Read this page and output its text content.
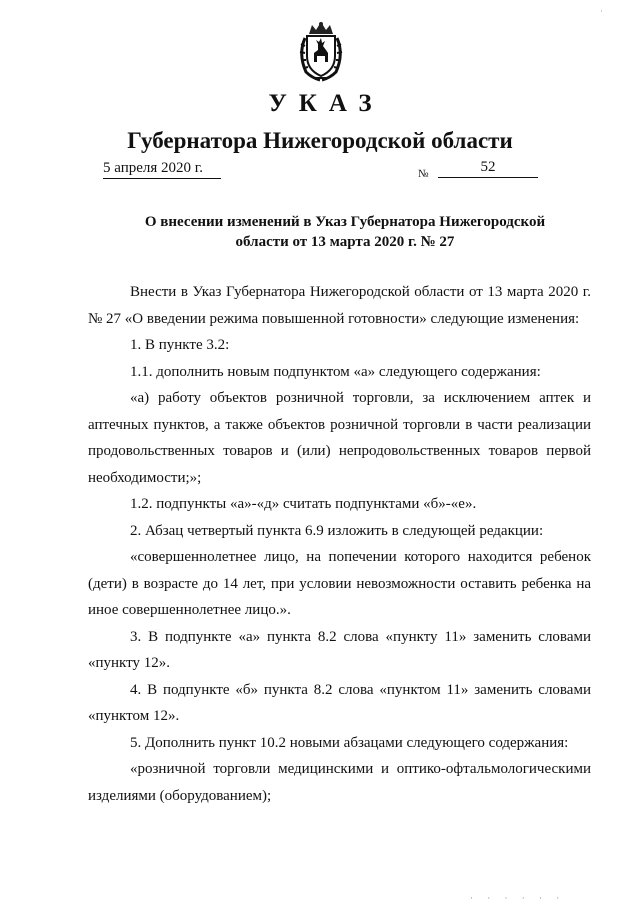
УКАЗ
Губернатора Нижегородской области
5 апреля 2020 г.	№	52
О внесении изменений в Указ Губернатора Нижегородской области от 13 марта 2020 г. № 27

Внести в Указ Губернатора Нижегородской области от 13 марта 2020 г. № 27 «О введении режима повышенной готовности» следующие изменения:

1. В пункте 3.2:

1.1. дополнить новым подпунктом «а» следующего содержания:

«а) работу объектов розничной торговли, за исключением аптек и аптечных пунктов, а также объектов розничной торговли в части реализации продовольственных товаров и (или) непродовольственных товаров первой необходимости;»;

1.2. подпункты «а»-«д» считать подпунктами «б»-«е».

2. Абзац четвертый пункта 6.9 изложить в следующей редакции:

«совершеннолетнее лицо, на попечении которого находится ребенок (дети) в возрасте до 14 лет, при условии невозможности оставить ребенка на иное совершеннолетнее лицо.».

3. В подпункте «а» пункта 8.2 слова «пункту 11» заменить словами «пункту 12».

4. В подпункте «б» пункта 8.2 слова «пунктом 11» заменить словами «пунктом 12».

5. Дополнить пункт 10.2 новыми абзацами следующего содержания:

«розничной торговли медицинскими и оптико-офтальмологическими изделиями (оборудованием);

·
· · · · · ·
